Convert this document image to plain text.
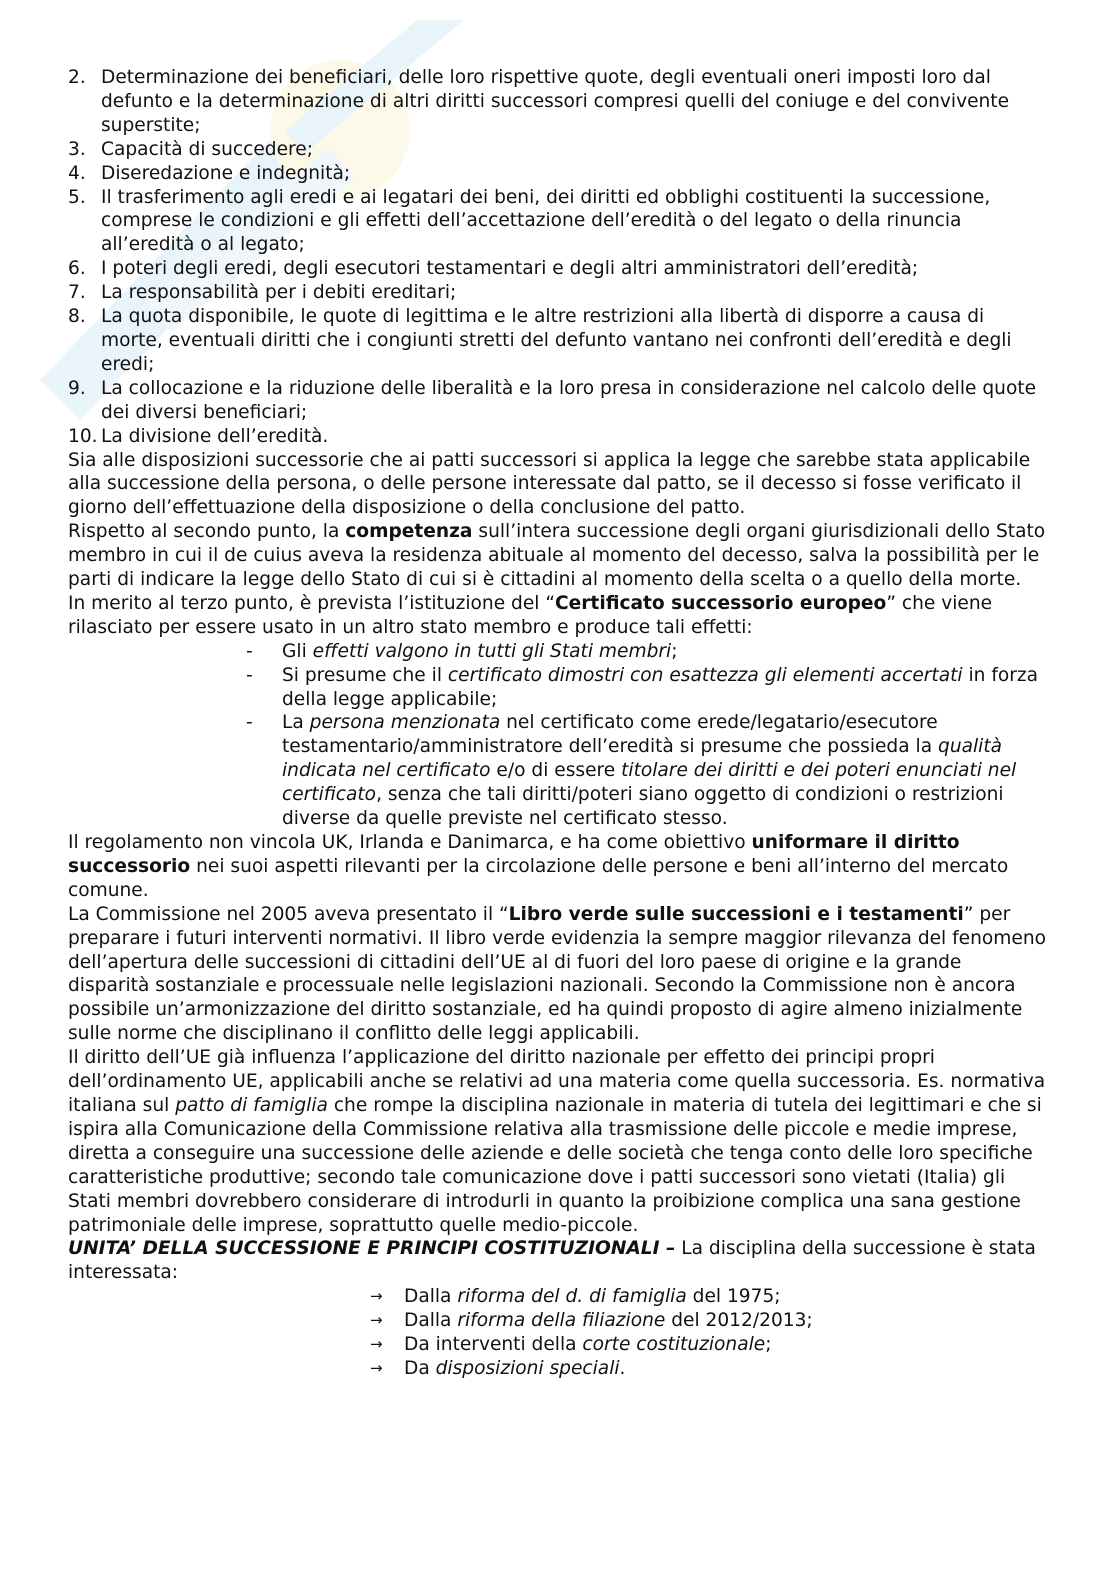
2. Determinazione dei beneficiari, delle loro rispettive quote, degli eventuali oneri imposti loro dal defunto e la determinazione di altri diritti successori compresi quelli del coniuge e del convivente superstite;
3. Capacità di succedere;
4. Diseredazione e indegnità;
5. Il trasferimento agli eredi e ai legatari dei beni, dei diritti ed obblighi costituenti la successione, comprese le condizioni e gli effetti dell’accettazione dell’eredità o del legato o della rinuncia all’eredità o al legato;
6. I poteri degli eredi, degli esecutori testamentari e degli altri amministratori dell’eredità;
7. La responsabilità per i debiti ereditari;
8. La quota disponibile, le quote di legittima e le altre restrizioni alla libertà di disporre a causa di morte, eventuali diritti che i congiunti stretti del defunto vantano nei confronti dell’eredità e degli eredi;
9. La collocazione e la riduzione delle liberalità e la loro presa in considerazione nel calcolo delle quote dei diversi beneficiari;
10. La divisione dell’eredità.

Sia alle disposizioni successorie che ai patti successori si applica la legge che sarebbe stata applicabile alla successione della persona, o delle persone interessate dal patto, se il decesso si fosse verificato il giorno dell’effettuazione della disposizione o della conclusione del patto.

Rispetto al secondo punto, la competenza sull’intera successione degli organi giurisdizionali dello Stato membro in cui il de cuius aveva la residenza abituale al momento del decesso, salva la possibilità per le parti di indicare la legge dello Stato di cui si è cittadini al momento della scelta o a quello della morte.

In merito al terzo punto, è prevista l’istituzione del “Certificato successorio europeo” che viene rilasciato per essere usato in un altro stato membro e produce tali effetti:

- Gli effetti valgono in tutti gli Stati membri;
- Si presume che il certificato dimostri con esattezza gli elementi accertati in forza della legge applicabile;
- La persona menzionata nel certificato come erede/legatario/esecutore testamentario/amministratore dell’eredità si presume che possieda la qualità indicata nel certificato e/o di essere titolare dei diritti e dei poteri enunciati nel certificato, senza che tali diritti/poteri siano oggetto di condizioni o restrizioni diverse da quelle previste nel certificato stesso.

Il regolamento non vincola UK, Irlanda e Danimarca, e ha come obiettivo uniformare il diritto successorio nei suoi aspetti rilevanti per la circolazione delle persone e beni all’interno del mercato comune.

La Commissione nel 2005 aveva presentato il “Libro verde sulle successioni e i testamenti” per preparare i futuri interventi normativi. Il libro verde evidenzia la sempre maggior rilevanza del fenomeno dell’apertura delle successioni di cittadini dell’UE al di fuori del loro paese di origine e la grande disparità sostanziale e processuale nelle legislazioni nazionali. Secondo la Commissione non è ancora possibile un’armonizzazione del diritto sostanziale, ed ha quindi proposto di agire almeno inizialmente sulle norme che disciplinano il conflitto delle leggi applicabili.

Il diritto dell’UE già influenza l’applicazione del diritto nazionale per effetto dei principi propri dell’ordinamento UE, applicabili anche se relativi ad una materia come quella successoria. Es. normativa italiana sul patto di famiglia che rompe la disciplina nazionale in materia di tutela dei legittimari e che si ispira alla Comunicazione della Commissione relativa alla trasmissione delle piccole e medie imprese, diretta a conseguire una successione delle aziende e delle società che tenga conto delle loro specifiche caratteristiche produttive; secondo tale comunicazione dove i patti successori sono vietati (Italia) gli Stati membri dovrebbero considerare di introdurli in quanto la proibizione complica una sana gestione patrimoniale delle imprese, soprattutto quelle medio-piccole.

UNITA’ DELLA SUCCESSIONE E PRINCIPI COSTITUZIONALI – La disciplina della successione è stata interessata:

→ Dalla riforma del d. di famiglia del 1975;
→ Dalla riforma della filiazione del 2012/2013;
→ Da interventi della corte costituzionale;
→ Da disposizioni speciali.
